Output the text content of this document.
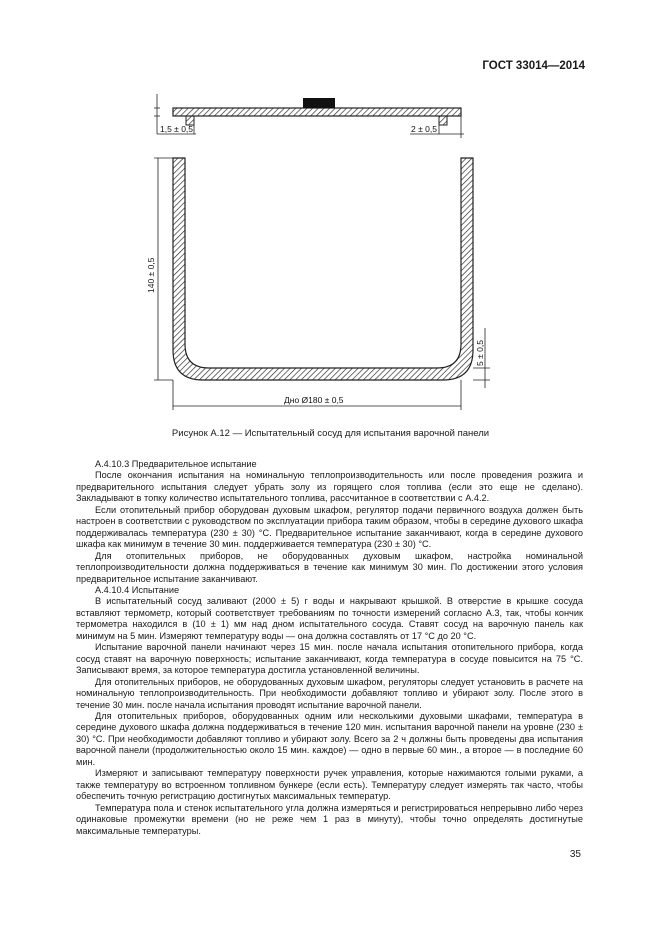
ГОСТ 33014—2014
1,5 ± 0,5	2 ± 0,5
140 ± 0,5
5 ± 0,5
Дно Ø180 ± 0,5
Рисунок А.12 — Испытательный сосуд для испытания варочной панели

А.4.10.3 Предварительное испытание

После окончания испытания на номинальную теплопроизводительность или после проведения розжига и предварительного испытания следует убрать золу из горящего слоя топлива (если это еще не сделано). Закладывают в топку количество испытательного топлива, рассчитанное в соответствии с А.4.2.

Если отопительный прибор оборудован духовым шкафом, регулятор подачи первичного воздуха должен быть настроен в соответствии с руководством по эксплуатации прибора таким образом, чтобы в середине духового шкафа поддерживалась температура (230 ± 30) °С. Предварительное испытание заканчивают, когда в середине духового шкафа как минимум в течение 30 мин. поддерживается температура (230 ± 30) °С.

Для отопительных приборов, не оборудованных духовым шкафом, настройка номинальной теплопроизводительности должна поддерживаться в течение как минимум 30 мин. По достижении этого условия предварительное испытание заканчивают.

А.4.10.4 Испытание

В испытательный сосуд заливают (2000 ± 5) г воды и накрывают крышкой. В отверстие в крышке сосуда вставляют термометр, который соответствует требованиям по точности измерений согласно А.3, так, чтобы кончик термометра находился в (10 ± 1) мм над дном испытательного сосуда. Ставят сосуд на варочную панель как минимум на 5 мин. Измеряют температуру воды — она должна составлять от 17 °С до 20 °С.

Испытание варочной панели начинают через 15 мин. после начала испытания отопительного прибора, когда сосуд ставят на варочную поверхность; испытание заканчивают, когда температура в сосуде повысится на 75 °С. Записывают время, за которое температура достигла установленной величины.

Для отопительных приборов, не оборудованных духовым шкафом, регуляторы следует установить в расчете на номинальную теплопроизводительность. При необходимости добавляют топливо и убирают золу. После этого в течение 30 мин. после начала испытания проводят испытание варочной панели.

Для отопительных приборов, оборудованных одним или несколькими духовыми шкафами, температура в середине духового шкафа должна поддерживаться в течение 120 мин. испытания варочной панели на уровне (230 ± 30) °С. При необходимости добавляют топливо и убирают золу. Всего за 2 ч должны быть проведены два испытания варочной панели (продолжительностью около 15 мин. каждое) — одно в первые 60 мин., а второе — в последние 60 мин.

Измеряют и записывают температуру поверхности ручек управления, которые нажимаются голыми руками, а также температуру во встроенном топливном бункере (если есть). Температуру следует измерять так часто, чтобы обеспечить точную регистрацию достигнутых максимальных температур.

Температура пола и стенок испытательного угла должна измеряться и регистрироваться непрерывно либо через одинаковые промежутки времени (но не реже чем 1 раз в минуту), чтобы точно определять достигнутые максимальные температуры.

35
